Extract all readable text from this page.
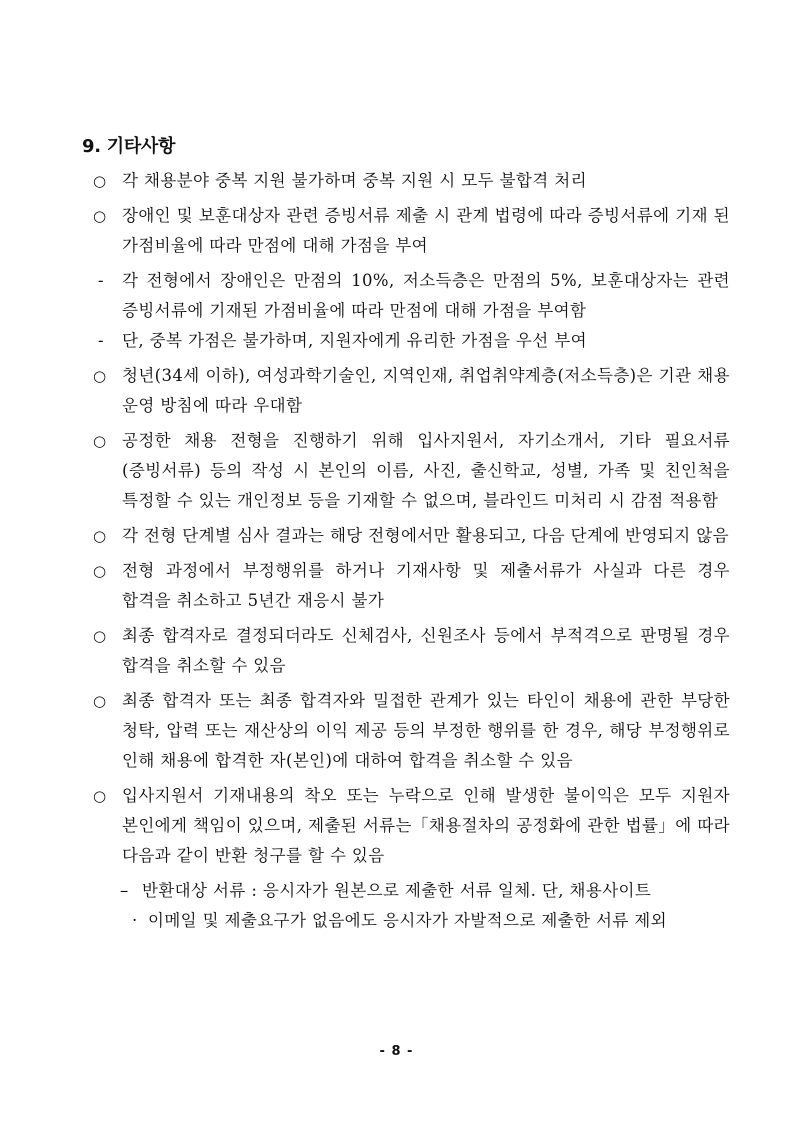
9. 기타사항
○ 각 채용분야 중복 지원 불가하며 중복 지원 시 모두 불합격 처리
○ 장애인 및 보훈대상자 관련 증빙서류 제출 시 관계 법령에 따라 증빙서류에 기재 된 가점비율에 따라 만점에 대해 가점을 부여
- 각 전형에서 장애인은 만점의 10%, 저소득층은 만점의 5%, 보훈대상자는 관련 증빙서류에 기재된 가점비율에 따라 만점에 대해 가점을 부여함
- 단, 중복 가점은 불가하며, 지원자에게 유리한 가점을 우선 부여
○ 청년(34세 이하), 여성과학기술인, 지역인재, 취업취약계층(저소득층)은 기관 채용 운영 방침에 따라 우대함
○ 공정한 채용 전형을 진행하기 위해 입사지원서, 자기소개서, 기타 필요서류(증빙서류) 등의 작성 시 본인의 이름, 사진, 출신학교, 성별, 가족 및 친인척을 특정할 수 있는 개인정보 등을 기재할 수 없으며, 블라인드 미처리 시 감점 적용함
○ 각 전형 단계별 심사 결과는 해당 전형에서만 활용되고, 다음 단계에 반영되지 않음
○ 전형 과정에서 부정행위를 하거나 기재사항 및 제출서류가 사실과 다른 경우 합격을 취소하고 5년간 재응시 불가
○ 최종 합격자로 결정되더라도 신체검사, 신원조사 등에서 부적격으로 판명될 경우 합격을 취소할 수 있음
○ 최종 합격자 또는 최종 합격자와 밀접한 관계가 있는 타인이 채용에 관한 부당한 청탁, 압력 또는 재산상의 이익 제공 등의 부정한 행위를 한 경우, 해당 부정행위로 인해 채용에 합격한 자(본인)에 대하여 합격을 취소할 수 있음
○ 입사지원서 기재내용의 착오 또는 누락으로 인해 발생한 불이익은 모두 지원자 본인에게 책임이 있으며, 제출된 서류는「채용절차의 공정화에 관한 법률」에 따라 다음과 같이 반환 청구를 할 수 있음
– 반환대상 서류 : 응시자가 원본으로 제출한 서류 일체. 단, 채용사이트
· 이메일 및 제출요구가 없음에도 응시자가 자발적으로 제출한 서류 제외
- 8 -
